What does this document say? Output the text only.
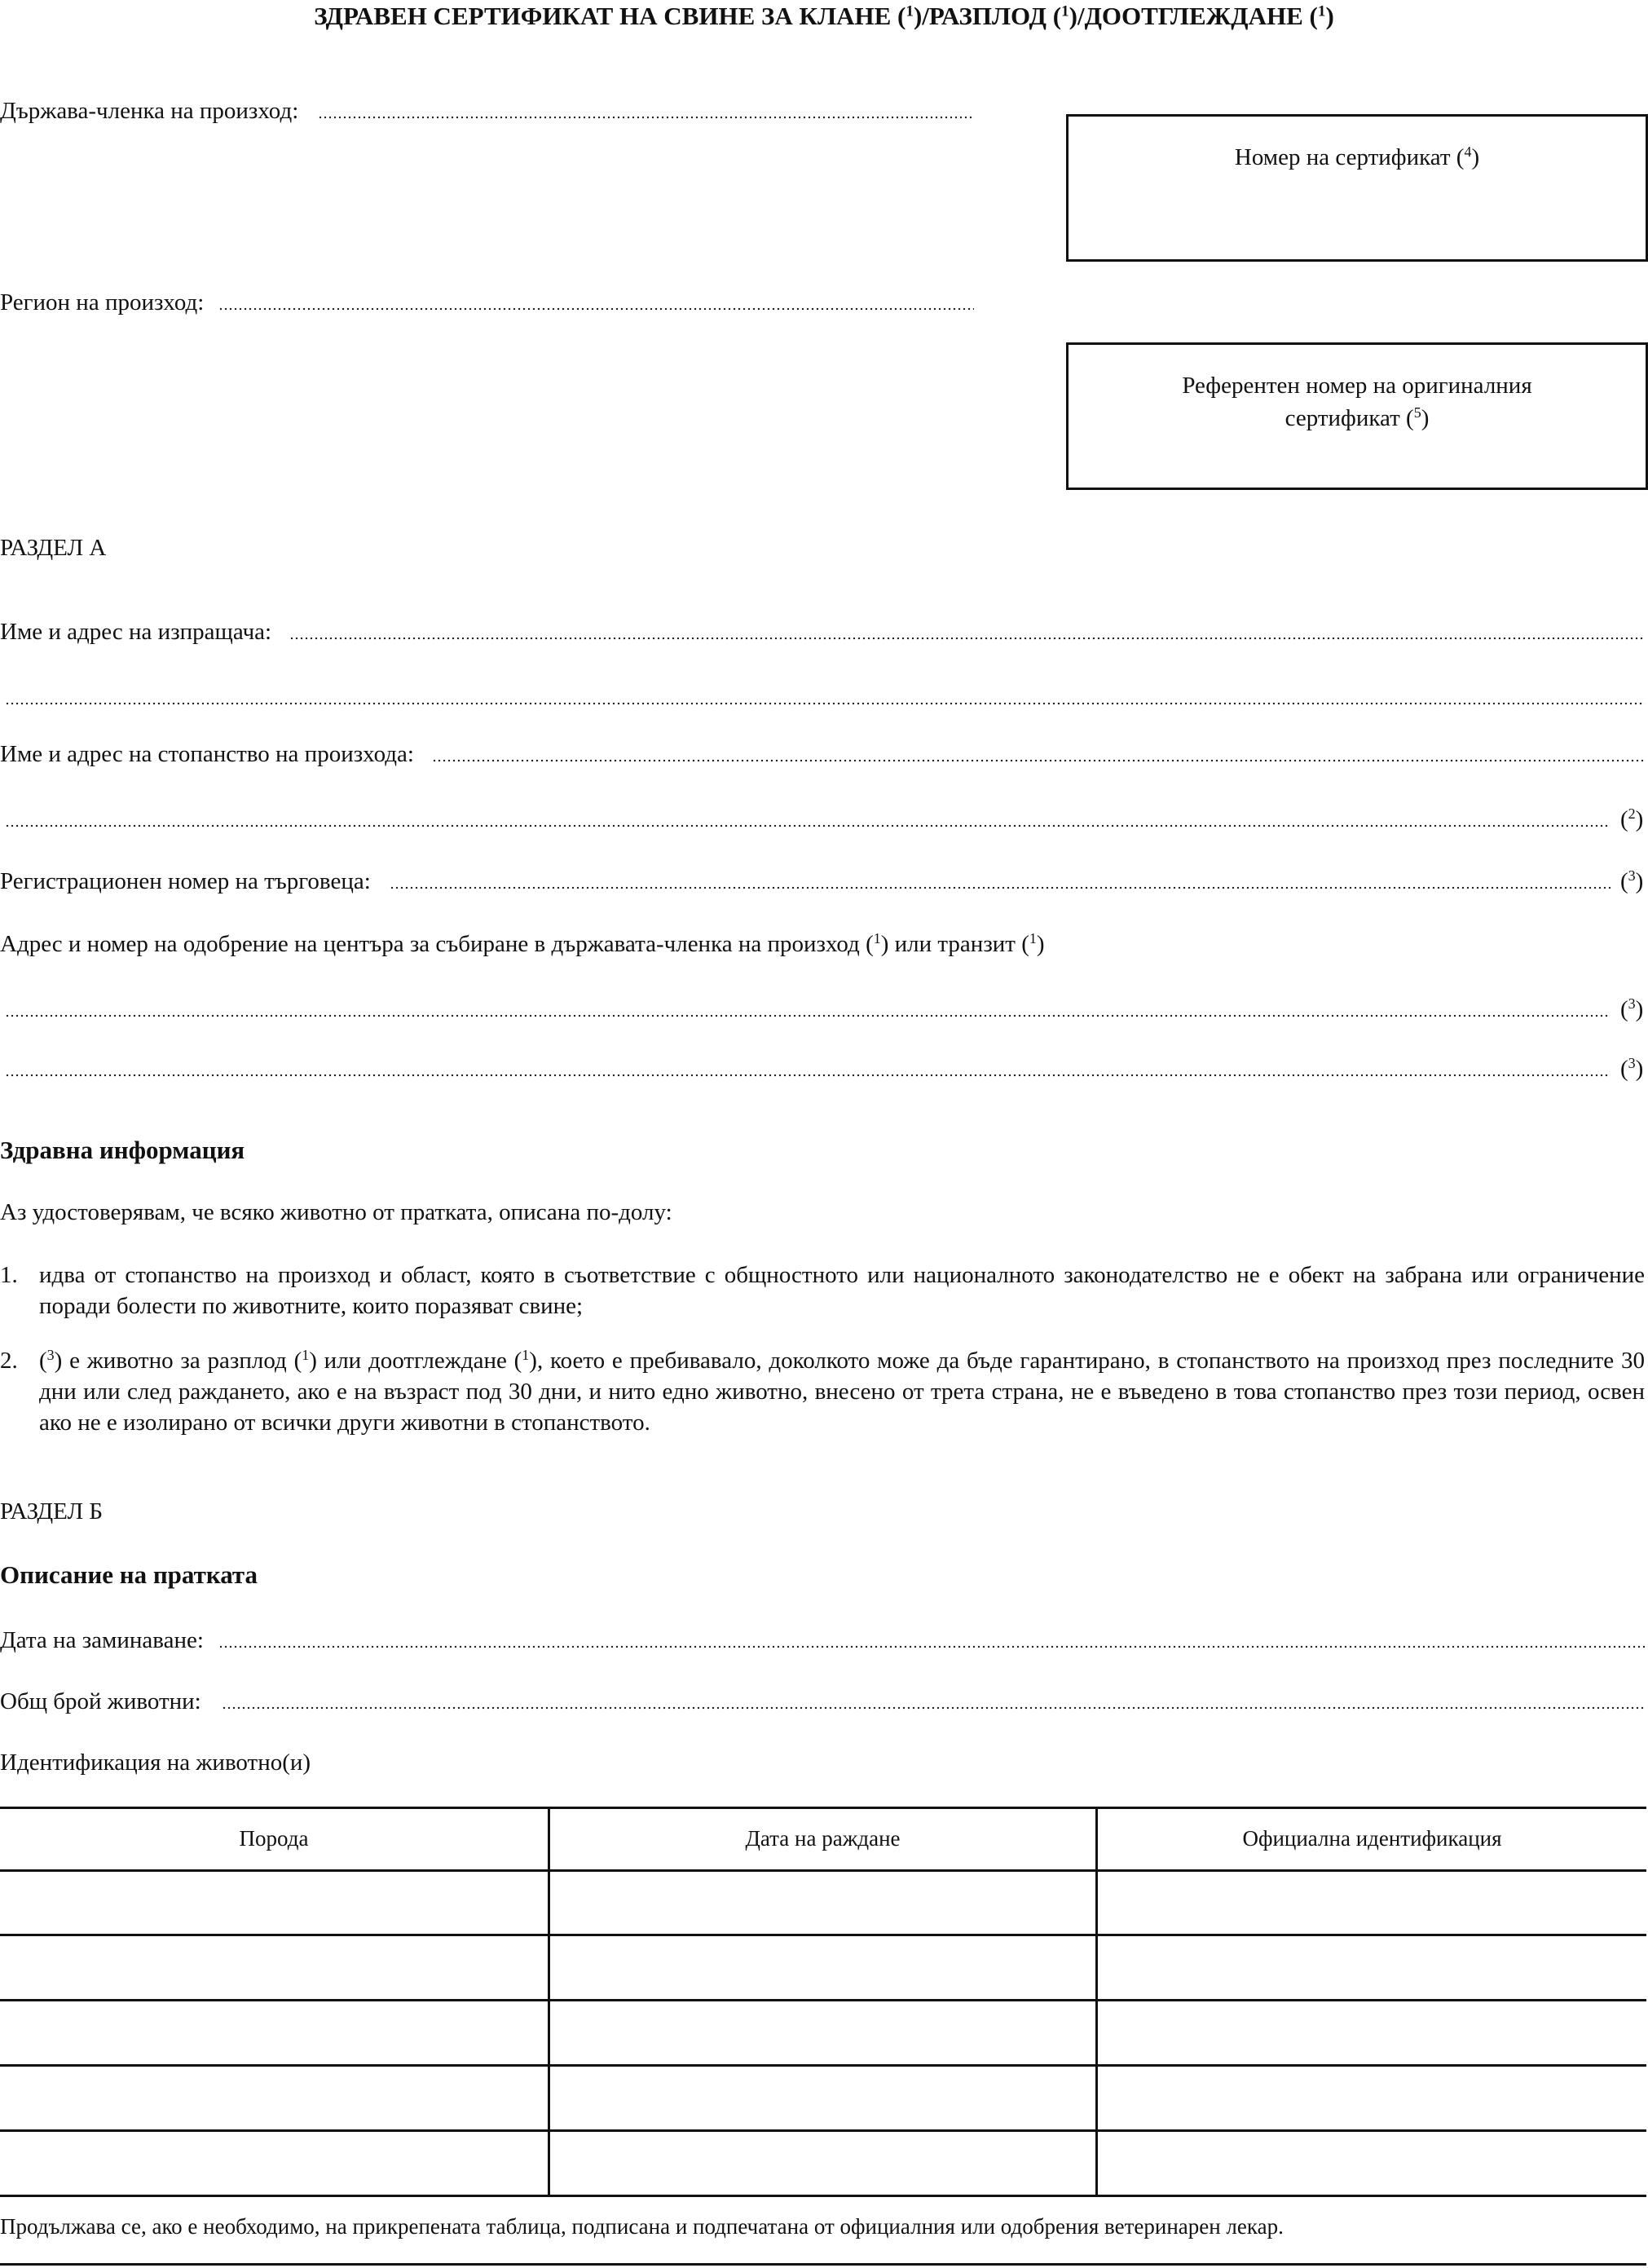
ЗДРАВЕН СЕРТИФИКАТ НА СВИНЕ ЗА КЛАНЕ ($^1$)/РАЗПЛОД ($^1$)/ДООТГЛЕЖДАНЕ ($^1$)
Държава-членка на произход:
Регион на произход:
Номер на сертификат ($^4$)
Референтен номер на оригиналния
сертификат ($^5$)
РАЗДЕЛ А
Име и адрес на изпращача:
Име и адрес на стопанство на произхода:
($^2$)
Регистрационен номер на търговеца:	($^3$)
Адрес и номер на одобрение на центъра за събиране в държавата-членка на произход ($^1$) или транзит ($^1$)
($^3$)
($^3$)
Здравна информация
Аз удостоверявам, че всяко животно от пратката, описана по-долу:
1. идва от стопанство на произход и област, която в съответствие с общностното или националното законодателство не е обект на забрана или ограничение поради болести по животните, които поразяват свине;
2. ($^3$) е животно за разплод ($^1$) или доотглеждане ($^1$), което е пребивавало, доколкото може да бъде гарантирано, в стопанството на произход през последните 30 дни или след раждането, ако е на възраст под 30 дни, и нито едно животно, внесено от трета страна, не е въведено в това стопанство през този период, освен ако не е изолирано от всички други животни в стопанството.
РАЗДЕЛ Б
Описание на пратката
Дата на заминаване:
Общ брой животни:
Идентификация на животно(и)
Порода	Дата на раждане	Официална идентификация
Продължава се, ако е необходимо, на прикрепената таблица, подписана и подпечатана от официалния или одобрения ветеринарен лекар.
